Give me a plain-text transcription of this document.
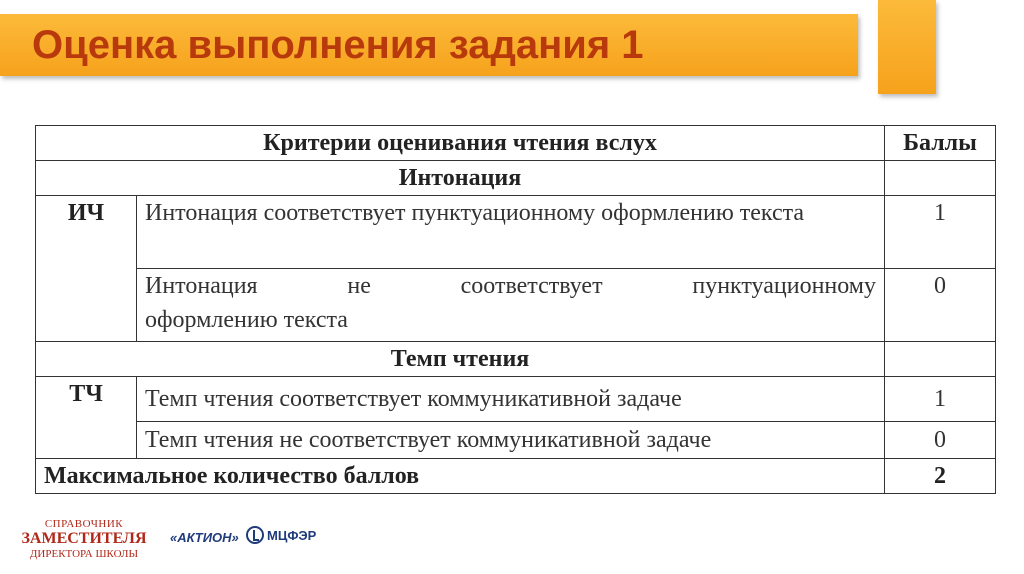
Оценка выполнения задания 1
Критерии оценивания чтения вслух		Баллы
Интонация		
ИЧ	Интонация соответствует пунктуационному оформлению текста	1

	Интонация не соответствует пунктуационному
оформлению текста	0
Темп чтения		
ТЧ	Темп чтения соответствует коммуникативной задаче	1
	Темп чтения не соответствует коммуникативной задаче	0
Максимальное количество баллов		2
СПРАВОЧНИК
ЗАМЕСТИТЕЛЯ
ДИРЕКТОРА ШКОЛЫ
«АКТИОН» МЦФЭР
